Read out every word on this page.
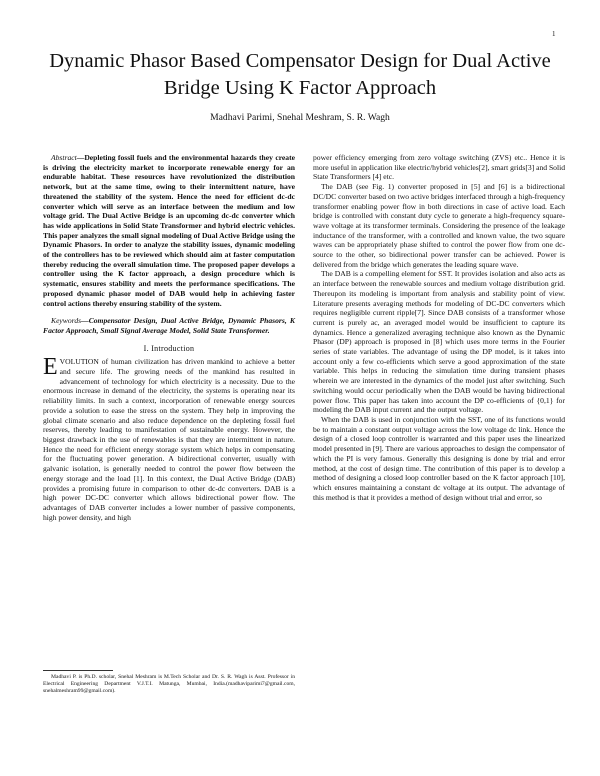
1
Dynamic Phasor Based Compensator Design for Dual Active Bridge Using K Factor Approach
Madhavi Parimi, Snehal Meshram, S. R. Wagh

Abstract—Depleting fossil fuels and the environmental hazards they create is driving the electricity market to incorporate renewable energy for an endurable habitat. These resources have revolutionized the distribution network, but at the same time, owing to their intermittent nature, have threatened the stability of the system. Hence the need for efficient dc-dc converter which will serve as an interface between the medium and low voltage grid. The Dual Active Bridge is an upcoming dc-dc converter which has wide applications in Solid State Transformer and hybrid electric vehicles. This paper analyzes the small signal modeling of Dual Active Bridge using the Dynamic Phasors. In order to analyze the stability issues, dynamic modeling of the controllers has to be reviewed which should aim at faster computation thereby reducing the overall simulation time. The proposed paper develops a controller using the K factor approach, a design procedure which is systematic, ensures stability and meets the performance specifications. The proposed dynamic phasor model of DAB would help in achieving faster control actions thereby ensuring stability of the system.

Keywords—Compensator Design, Dual Active Bridge, Dynamic Phasors, K Factor Approach, Small Signal Average Model, Solid State Transformer.

I. Introduction

EVOLUTION of human civilization has driven mankind to achieve a better and secure life. The growing needs of the mankind has resulted in advancement of technology for which electricity is a necessity. Due to the enormous increase in demand of the electricity, the systems is operating near its reliability limits. In such a context, incorporation of renewable energy sources provide a solution to ease the stress on the system. They help in improving the global climate scenario and also reduce dependence on the depleting fossil fuel reserves, thereby leading to manifestation of sustainable energy. However, the biggest drawback in the use of renewables is that they are intermittent in nature. Hence the need for efficient energy storage system which helps in compensating for the fluctuating power generation. A bidirectional converter, usually with galvanic isolation, is generally needed to control the power flow between the energy storage and the load [1]. In this context, the Dual Active Bridge (DAB) provides a promising future in comparison to other dc-dc converters. DAB is a high power DC-DC converter which allows bidirectional power flow. The advantages of DAB converter includes a lower number of passive components, high power density, and high

power efficiency emerging from zero voltage switching (ZVS) etc.. Hence it is more useful in application like electric/hybrid vehicles[2], smart grids[3] and Solid State Transformers [4] etc.

The DAB (see Fig. 1) converter proposed in [5] and [6] is a bidirectional DC/DC converter based on two active bridges interfaced through a high-frequency transformer enabling power flow in both directions in case of active load. Each bridge is controlled with constant duty cycle to generate a high-frequency square-wave voltage at its transformer terminals. Considering the presence of the leakage inductance of the transformer, with a controlled and known value, the two square waves can be appropriately phase shifted to control the power flow from one dc-source to the other, so bidirectional power transfer can be achieved. Power is delivered from the bridge which generates the leading square wave.

The DAB is a compelling element for SST. It provides isolation and also acts as an interface between the renewable sources and medium voltage distribution grid. Thereupon its modeling is important from analysis and stability point of view. Literature presents averaging methods for modeling of DC-DC converters which requires negligible current ripple[7]. Since DAB consists of a transformer whose current is purely ac, an averaged model would be insufficient to capture its dynamics. Hence a generalized averaging technique also known as the Dynamic Phasor (DP) approach is proposed in [8] which uses more terms in the Fourier series of state variables. The advantage of using the DP model, is it takes into account only a few co-efficients which serve a good approximation of the state variable. This helps in reducing the simulation time during transient phases wherein we are interested in the dynamics of the model just after switching. Such switching would occur periodically when the DAB would be having bidirectional power flow. This paper has taken into account the DP co-efficients of {0,1} for modeling the DAB input current and the output voltage.

When the DAB is used in conjunction with the SST, one of its functions would be to maintain a constant output voltage across the low voltage dc link. Hence the design of a closed loop controller is warranted and this paper uses the linearized model presented in [9]. There are various approaches to design the compensator of which the PI is very famous. Generally this designing is done by trial and error method, at the cost of design time. The contribution of this paper is to develop a method of designing a closed loop controller based on the K factor approach [10], which ensures maintaining a constant dc voltage at its output. The advantage of this method is that it provides a method of design without trial and error, so

Madhavi P. is Ph.D. scholar, Snehal Meshram is M.Tech Scholar and Dr. S. R. Wagh is Asst. Professor in Electrical Engineering Department V.J.T.I. Matunga, Mumbai, India.(madhaviparimi7@gmail.com, snehalmeshram99@gmail.com).
